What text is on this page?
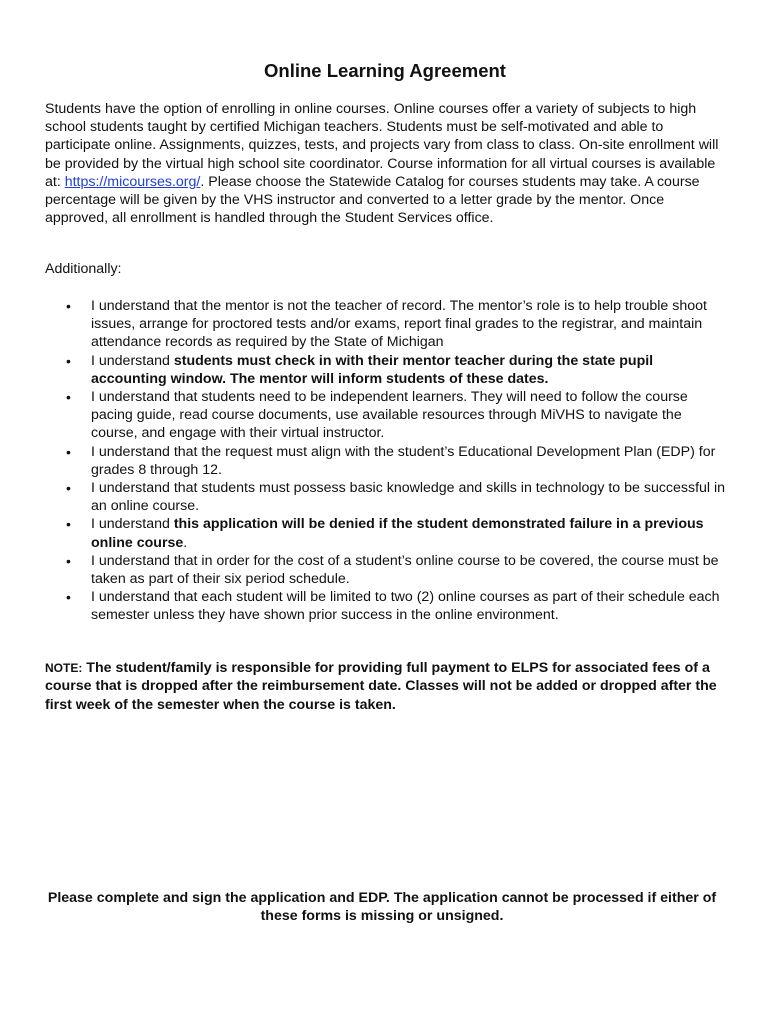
Online Learning Agreement

Students have the option of enrolling in online courses. Online courses offer a variety of subjects to high school students taught by certified Michigan teachers. Students must be self-motivated and able to participate online. Assignments, quizzes, tests, and projects vary from class to class. On-site enrollment will be provided by the virtual high school site coordinator. Course information for all virtual courses is available at: https://micourses.org/. Please choose the Statewide Catalog for courses students may take. A course percentage will be given by the VHS instructor and converted to a letter grade by the mentor. Once approved, all enrollment is handled through the Student Services office.

Additionally:

• I understand that the mentor is not the teacher of record. The mentor’s role is to help trouble shoot issues, arrange for proctored tests and/or exams, report final grades to the registrar, and maintain attendance records as required by the State of Michigan
• I understand students must check in with their mentor teacher during the state pupil accounting window. The mentor will inform students of these dates.
• I understand that students need to be independent learners. They will need to follow the course pacing guide, read course documents, use available resources through MiVHS to navigate the course, and engage with their virtual instructor.
• I understand that the request must align with the student’s Educational Development Plan (EDP) for grades 8 through 12.
• I understand that students must possess basic knowledge and skills in technology to be successful in an online course.
• I understand this application will be denied if the student demonstrated failure in a previous online course.
• I understand that in order for the cost of a student’s online course to be covered, the course must be taken as part of their six period schedule.
• I understand that each student will be limited to two (2) online courses as part of their schedule each semester unless they have shown prior success in the online environment.

NOTE: The student/family is responsible for providing full payment to ELPS for associated fees of a course that is dropped after the reimbursement date. Classes will not be added or dropped after the first week of the semester when the course is taken.

Please complete and sign the application and EDP. The application cannot be processed if either of these forms is missing or unsigned.
